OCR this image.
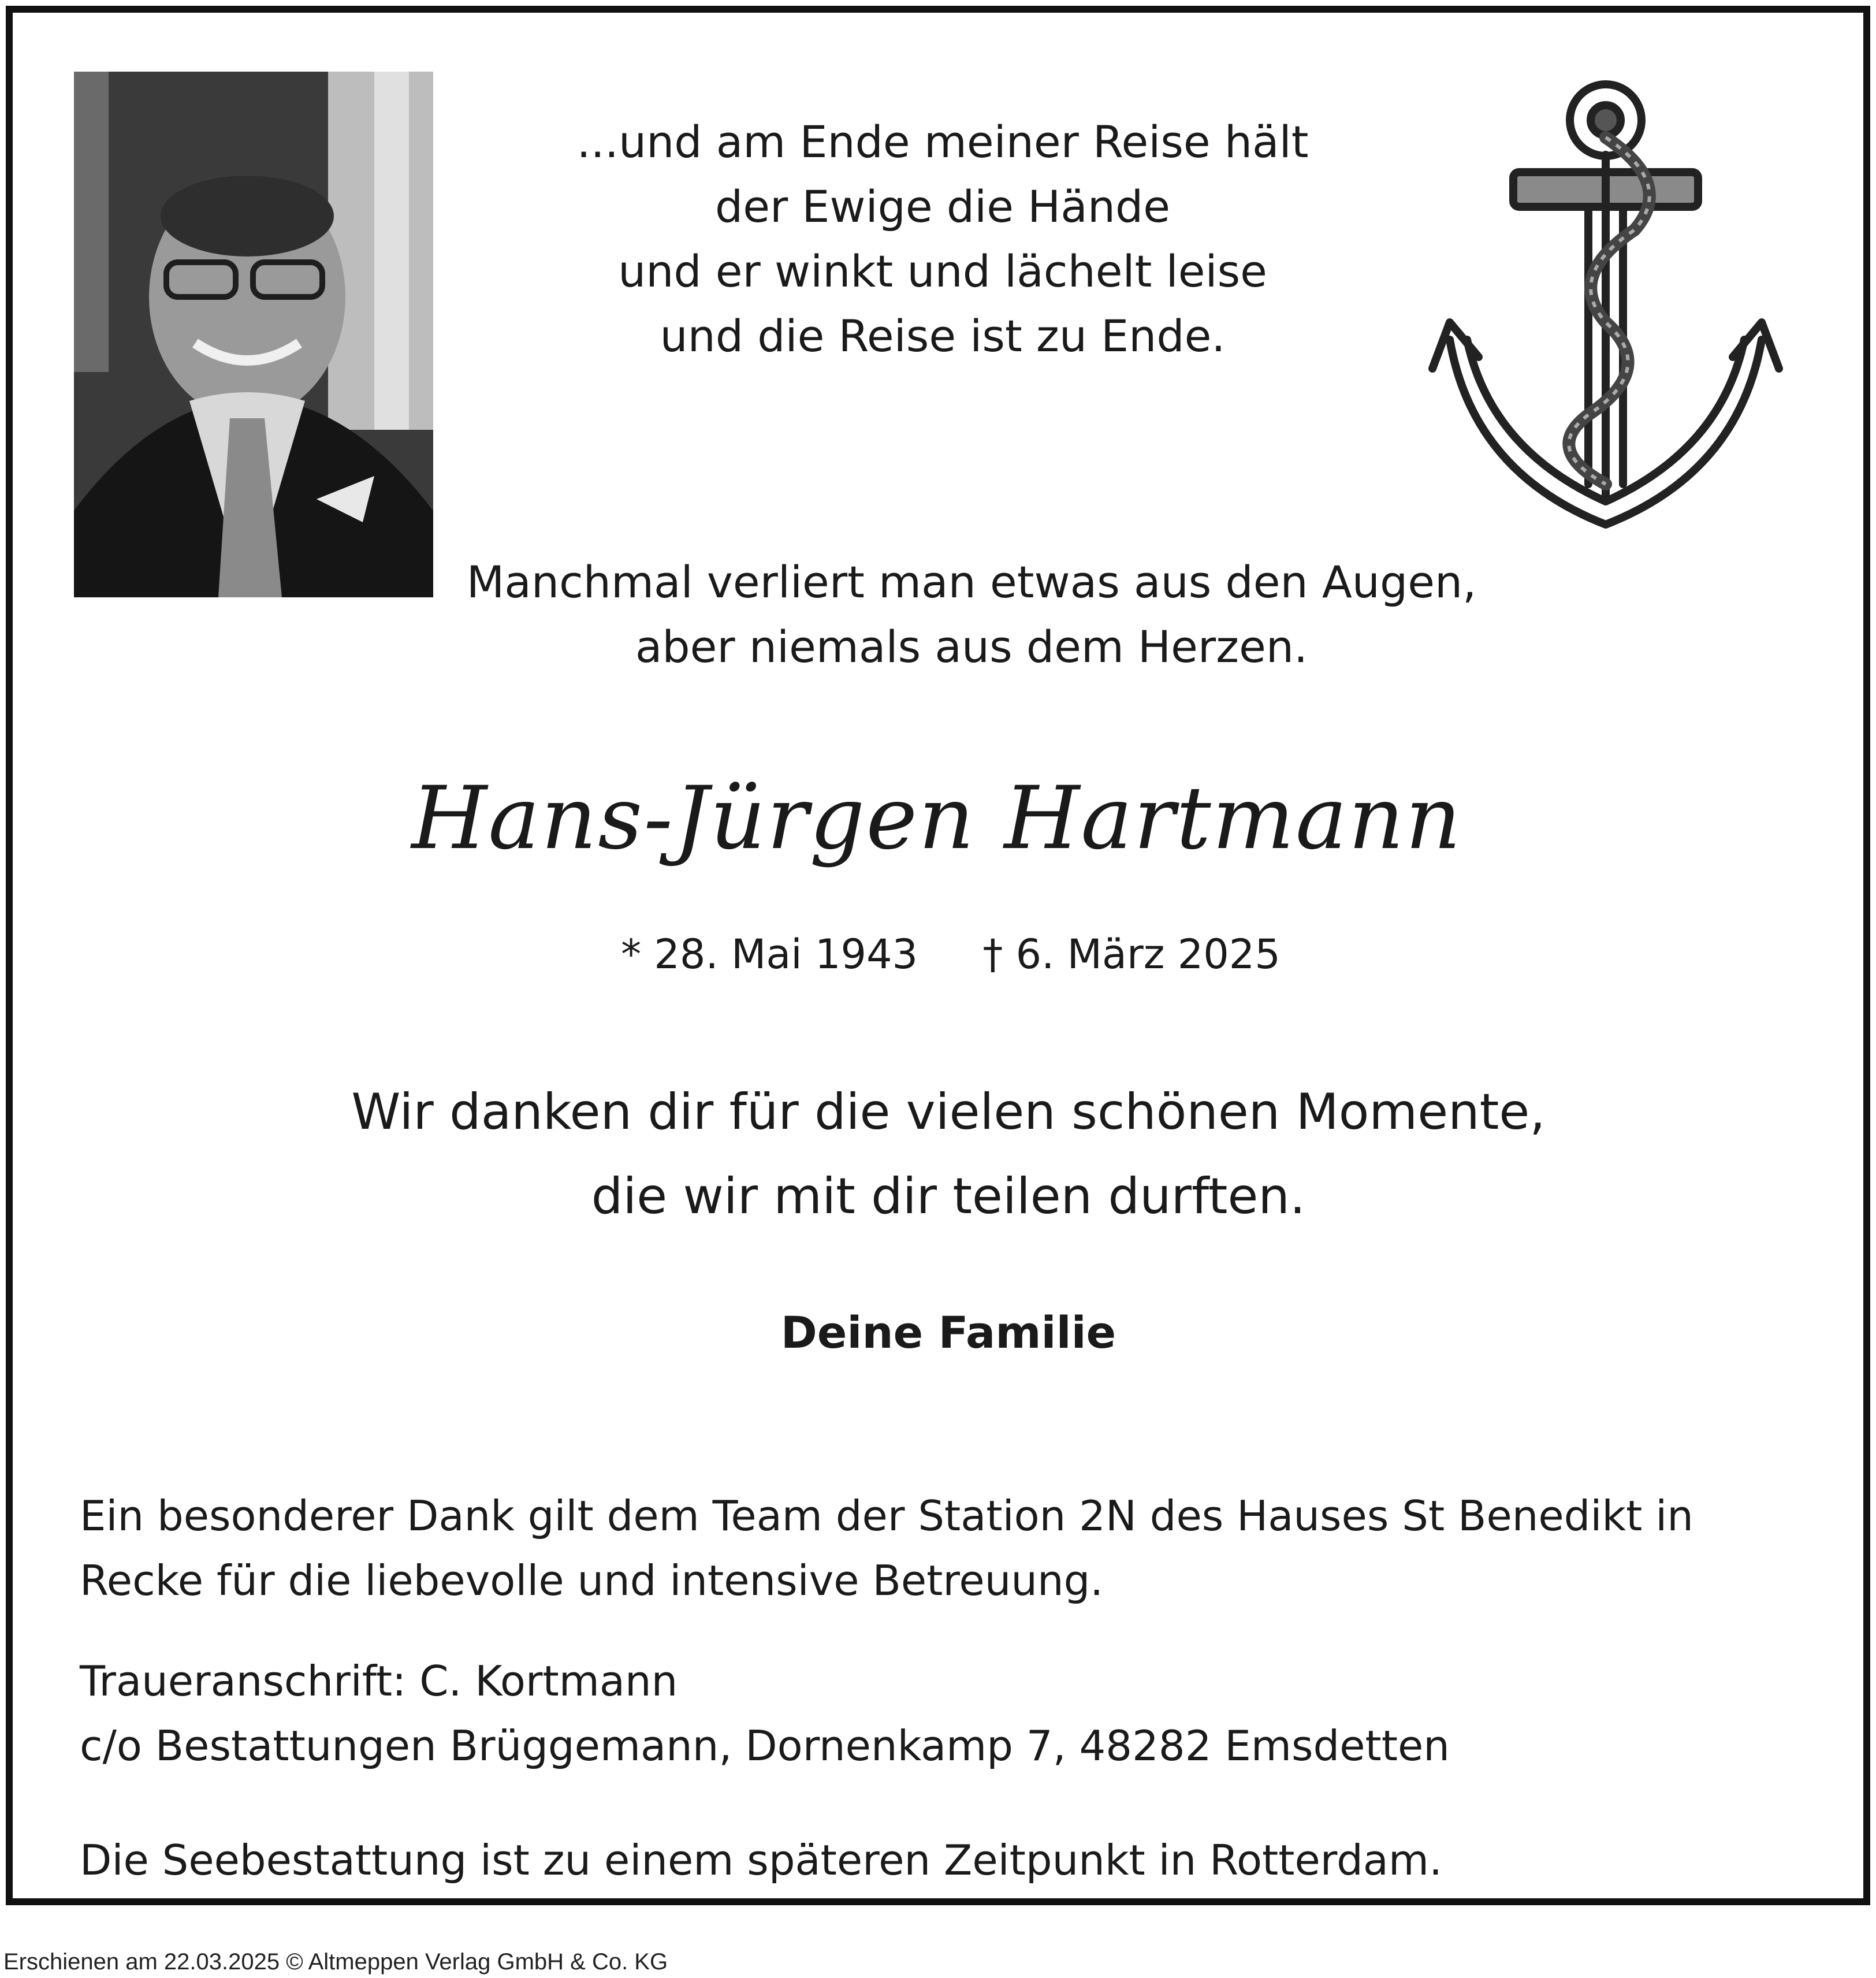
...und am Ende meiner Reise hält
der Ewige die Hände
und er winkt und lächelt leise
und die Reise ist zu Ende.
Manchmal verliert man etwas aus den Augen,
aber niemals aus dem Herzen.
Hans-Jürgen Hartmann
* 28. Mai 1943 † 6. März 2025
Wir danken dir für die vielen schönen Momente,
die wir mit dir teilen durften.
Deine Familie
Ein besonderer Dank gilt dem Team der Station 2N des Hauses St Benedikt in
Recke für die liebevolle und intensive Betreuung.
Traueranschrift: C. Kortmann
c/o Bestattungen Brüggemann, Dornenkamp 7, 48282 Emsdetten
Die Seebestattung ist zu einem späteren Zeitpunkt in Rotterdam.
Erschienen am 22.03.2025 © Altmeppen Verlag GmbH & Co. KG
